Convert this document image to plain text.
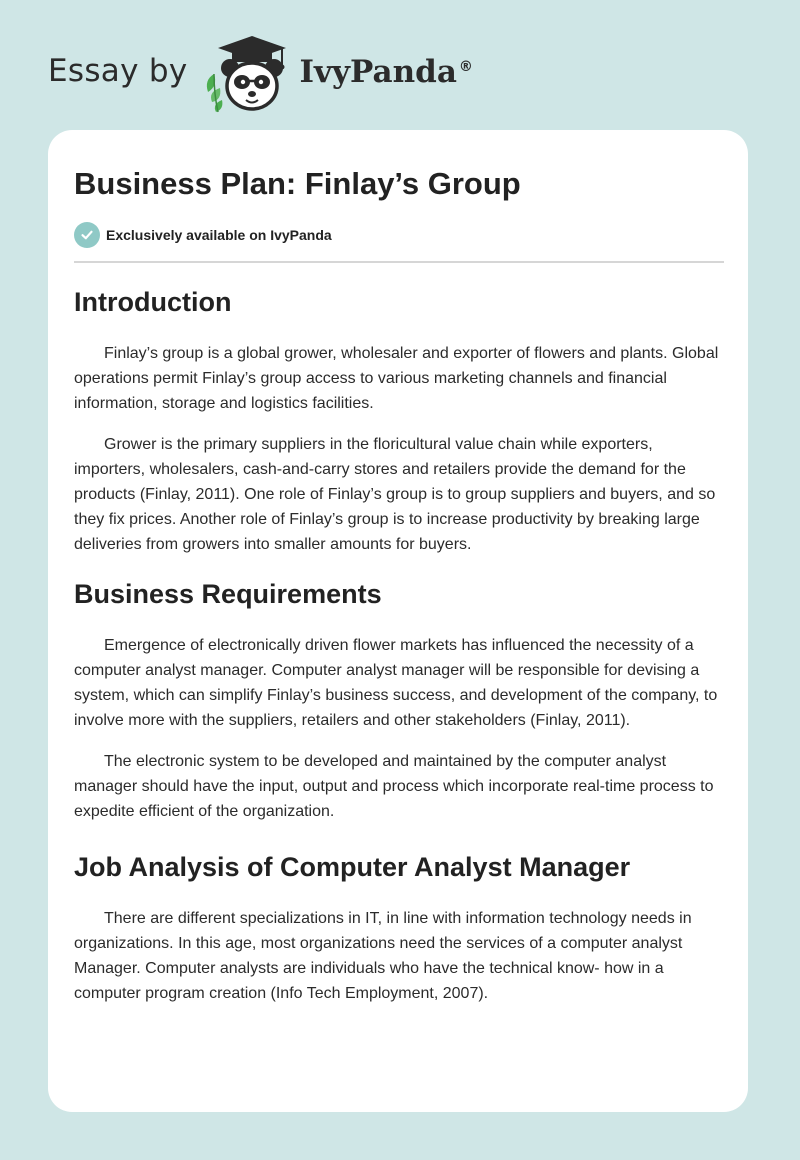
Essay by	IvyPanda ®
Business Plan: Finlay’s Group
Exclusively available on IvyPanda
Introduction

Finlay’s group is a global grower, wholesaler and exporter of flowers and plants. Global operations permit Finlay’s group access to various marketing channels and financial information, storage and logistics facilities.

Grower is the primary suppliers in the floricultural value chain while exporters, importers, wholesalers, cash-and-carry stores and retailers provide the demand for the products (Finlay, 2011). One role of Finlay’s group is to group suppliers and buyers, and so they fix prices. Another role of Finlay’s group is to increase productivity by breaking large deliveries from growers into smaller amounts for buyers.

Business Requirements

Emergence of electronically driven flower markets has influenced the necessity of a computer analyst manager. Computer analyst manager will be responsible for devising a system, which can simplify Finlay’s business success, and development of the company, to involve more with the suppliers, retailers and other stakeholders (Finlay, 2011).

The electronic system to be developed and maintained by the computer analyst manager should have the input, output and process which incorporate real-time process to expedite efficient of the organization.

Job Analysis of Computer Analyst Manager

There are different specializations in IT, in line with information technology needs in organizations. In this age, most organizations need the services of a computer analyst Manager. Computer analysts are individuals who have the technical know- how in a computer program creation (Info Tech Employment, 2007).
